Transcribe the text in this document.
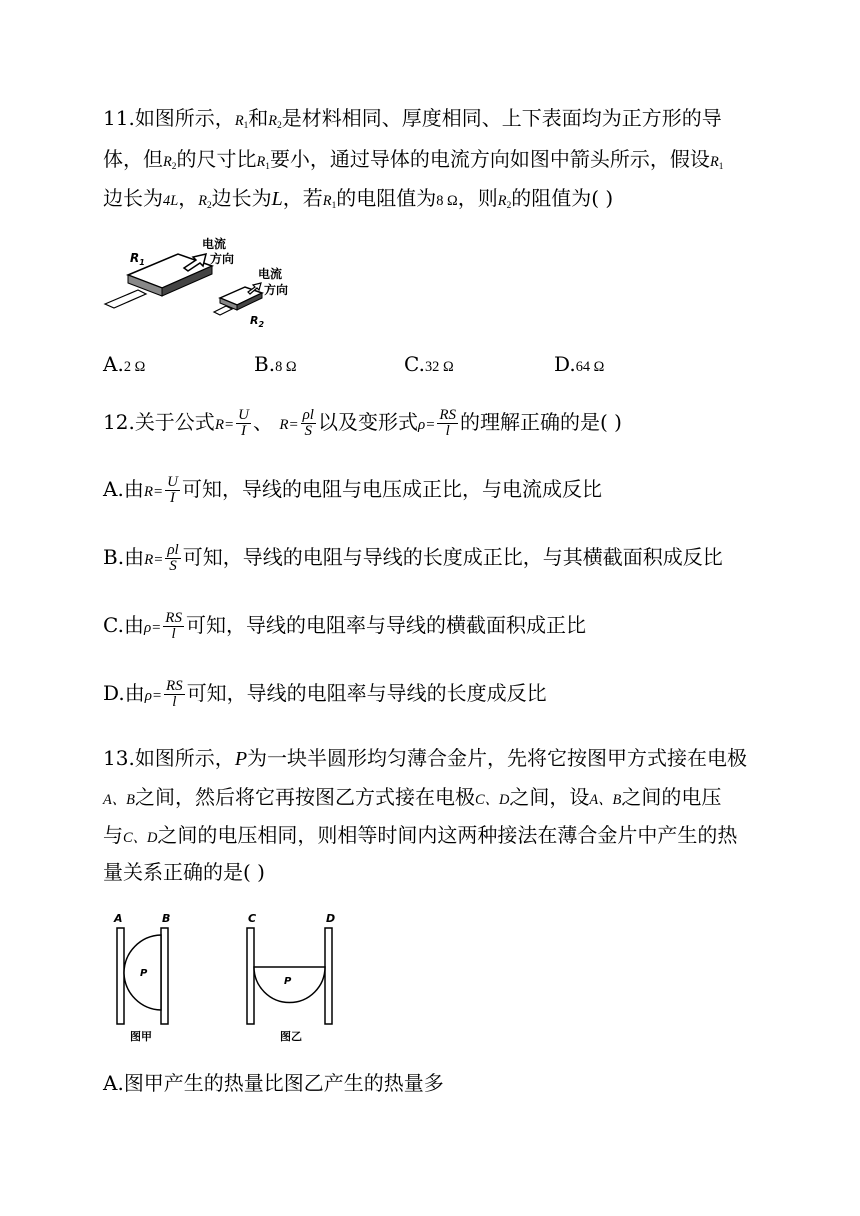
11.如图所示，$R_1$和$R_2$是材料相同、厚度相同、上下表面均为正方形的导
体，但$R_2$的尺寸比$R_1$要小，通过导体的电流方向如图中箭头所示，假设$R_1$
边长为4L，$R_2$边长为L，若$R_1$的电阻值为8 Ω，则$R_2$的阻值为( )
$R_1$
电流
方向
电流
方向
$R_2$
A.2 Ω	B.8 Ω	C.32 Ω	D.64 Ω
12.关于公式$R= \frac{U}{I}$ 、 $R= \frac{\rho l}{S}$ 以及变形式$\rho= \frac{RS}{l}$ 的理解正确的是( )
A.由$R= \frac{U}{I}$ 可知，导线的电阻与电压成正比，与电流成反比
B.由$R= \frac{\rho l}{S}$ 可知，导线的电阻与导线的长度成正比，与其横截面积成反比
C.由$\rho= \frac{RS}{l}$ 可知，导线的电阻率与导线的横截面积成正比
D.由$\rho= \frac{RS}{l}$ 可知，导线的电阻率与导线的长度成反比
13.如图所示，P为一块半圆形均匀薄合金片，先将它按图甲方式接在电极
A、B之间，然后将它再按图乙方式接在电极C、D之间，设A、B之间的电压
与C、D之间的电压相同，则相等时间内这两种接法在薄合金片中产生的热
量关系正确的是( )
A	B
P
图甲
C	D
P
图乙
A.图甲产生的热量比图乙产生的热量多
